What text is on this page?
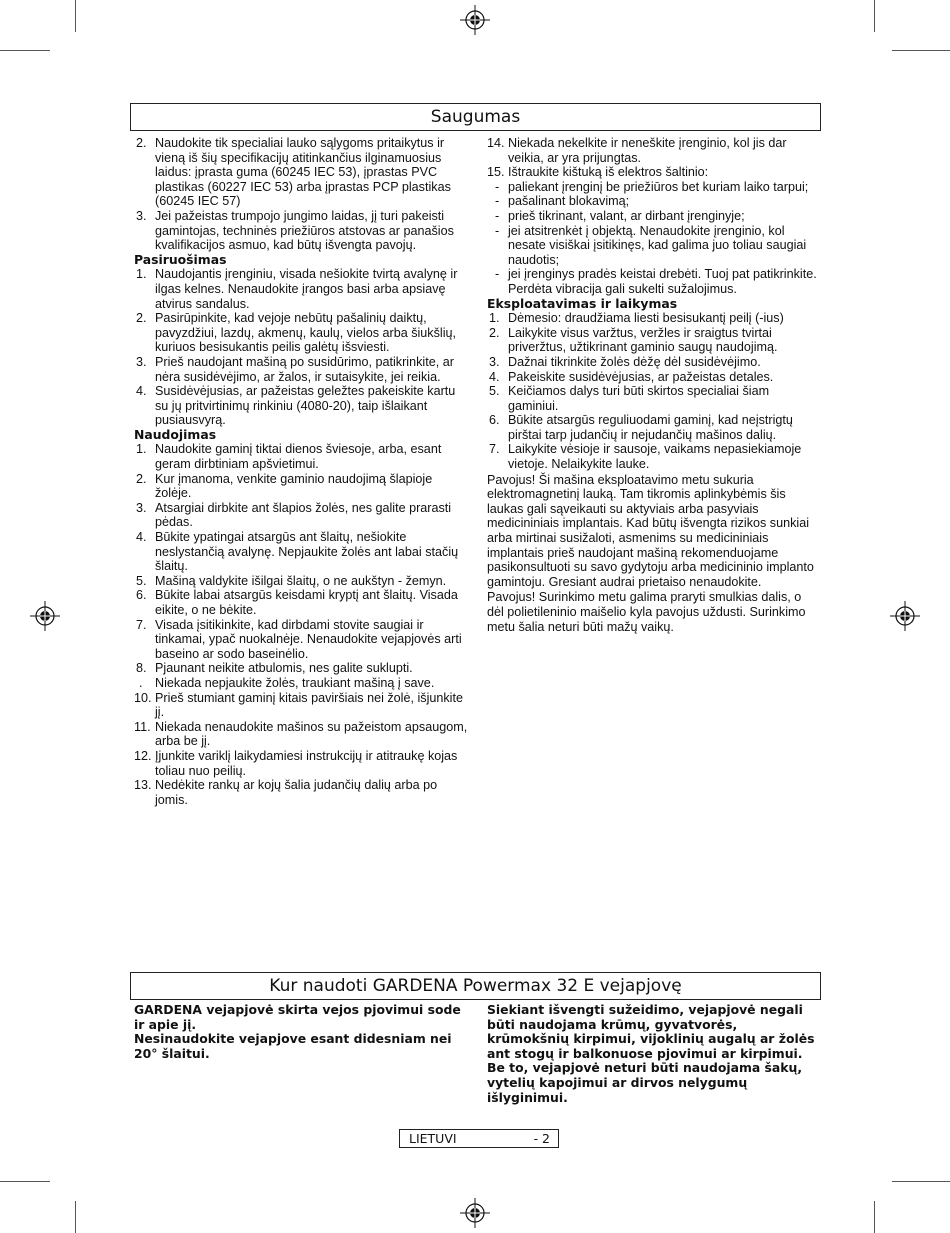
Saugumas
2. Naudokite tik specialiai lauko sąlygoms pritaikytus ir vieną iš šių specifikacijų atitinkančius ilginamuosius laidus: įprasta guma (60245 IEC 53), įprastas PVC plastikas (60227 IEC 53) arba įprastas PCP plastikas (60245 IEC 57)
3. Jei pažeistas trumpojo jungimo laidas, jį turi pakeisti gamintojas, techninės priežiūros atstovas ar panašios kvalifikacijos asmuo, kad būtų išvengta pavojų.
Pasiruošimas
1. Naudojantis įrenginiu, visada nešiokite tvirtą avalynę ir ilgas kelnes. Nenaudokite įrangos basi arba apsiavę atvirus sandalus.
2. Pasirūpinkite, kad vejoje nebūtų pašalinių daiktų, pavyzdžiui, lazdų, akmenų, kaulų, vielos arba šiukšlių, kuriuos besisukantis peilis galėtų išsviesti.
3. Prieš naudojant mašiną po susidūrimo, patikrinkite, ar nėra susidėvėjimo, ar žalos, ir sutaisykite, jei reikia.
4. Susidėvėjusias, ar pažeistas geležtes pakeiskite kartu su jų pritvirtinimų rinkiniu (4080-20), taip išlaikant pusiausvyrą.
Naudojimas
1. Naudokite gaminį tiktai dienos šviesoje, arba, esant geram dirbtiniam apšvietimui.
2. Kur įmanoma, venkite gaminio naudojimą šlapioje žolėje.
3. Atsargiai dirbkite ant šlapios žolės, nes galite prarasti pėdas.
4. Būkite ypatingai atsargūs ant šlaitų, nešiokite neslystančią avalynę. Nepjaukite žolės ant labai stačių šlaitų.
5. Mašiną valdykite išilgai šlaitų, o ne aukštyn - žemyn.
6. Būkite labai atsargūs keisdami kryptį ant šlaitų. Visada eikite, o ne bėkite.
7. Visada įsitikinkite, kad dirbdami stovite saugiai ir tinkamai, ypač nuokalnėje. Nenaudokite vejapjovės arti baseino ar sodo baseinėlio.
8. Pjaunant neikite atbulomis, nes galite suklupti.
. Niekada nepjaukite žolės, traukiant mašiną į save.
10. Prieš stumiant gaminį kitais paviršiais nei žolė, išjunkite jį.
11. Niekada nenaudokite mašinos su pažeistom apsaugom, arba be jį.
12. Įjunkite variklį laikydamiesi instrukcijų ir atitraukę kojas toliau nuo peilių.
13. Nedėkite rankų ar kojų šalia judančių dalių arba po jomis.
14. Niekada nekelkite ir neneškite įrenginio, kol jis dar veikia, ar yra prijungtas.
15. Ištraukite kištuką iš elektros šaltinio:
- paliekant įrenginį be priežiūros bet kuriam laiko tarpui;
- pašalinant blokavimą;
- prieš tikrinant, valant, ar dirbant įrenginyje;
- jei atsitrenkėt į objektą. Nenaudokite įrenginio, kol nesate visiškai įsitikinęs, kad galima juo toliau saugiai naudotis;
- jei įrenginys pradės keistai drebėti. Tuoj pat patikrinkite. Perdėta vibracija gali sukelti sužalojimus.
Eksploatavimas ir laikymas
1. Dėmesio: draudžiama liesti besisukantį peilį (-ius)
2. Laikykite visus varžtus, veržles ir sraigtus tvirtai priveržtus, užtikrinant gaminio saugų naudojimą.
3. Dažnai tikrinkite žolės dėžę dėl susidėvėjimo.
4. Pakeiskite susidėvėjusias, ar pažeistas detales.
5. Keičiamos dalys turi būti skirtos specialiai šiam gaminiui.
6. Būkite atsargūs reguliuodami gaminį, kad neįstrigtų pirštai tarp judančių ir nejudančių mašinos dalių.
7. Laikykite vėsioje ir sausoje, vaikams nepasiekiamoje vietoje. Nelaikykite lauke.

Pavojus! Ši mašina eksploatavimo metu sukuria elektromagnetinį lauką. Tam tikromis aplinkybėmis šis laukas gali sąveikauti su aktyviais arba pasyviais medicininiais implantais. Kad būtų išvengta rizikos sunkiai arba mirtinai susižaloti, asmenims su medicininiais implantais prieš naudojant mašiną rekomenduojame pasikonsultuoti su savo gydytoju arba medicininio implanto gamintoju. Gresiant audrai prietaiso nenaudokite.

Pavojus! Surinkimo metu galima praryti smulkias dalis, o dėl polietileninio maišelio kyla pavojus uždusti. Surinkimo metu šalia neturi būti mažų vaikų.

Kur naudoti GARDENA Powermax 32 E vejapjovę

GARDENA vejapjovė skirta vejos pjovimui sode ir apie jį.

Nesinaudokite vejapjove esant didesniam nei 20° šlaitui.

Siekiant išvengti sužeidimo, vejapjovė negali būti naudojama krūmų, gyvatvorės, krūmokšnių kirpimui, vijoklinių augalų ar žolės ant stogų ir balkonuose pjovimui ar kirpimui. Be to, vejapjovė neturi būti naudojama šakų, vytelių kapojimui ar dirvos nelygumų išlyginimui.

LIETUVI	- 2
